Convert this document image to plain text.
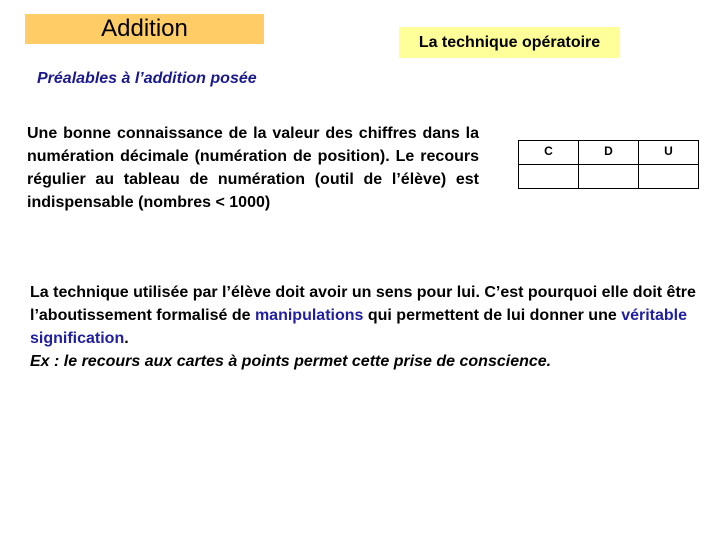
Addition
La technique opératoire
Préalables à l’addition posée
Une bonne connaissance de la valeur des chiffres dans la numération décimale (numération de position). Le recours régulier au tableau de numération (outil de l’élève) est indispensable (nombres < 1000)
C	D	U

La technique utilisée par l’élève doit avoir un sens pour lui. C’est pourquoi elle doit être l’aboutissement formalisé de manipulations qui permettent de lui donner une véritable signification.
Ex : le recours aux cartes à points permet cette prise de conscience.
